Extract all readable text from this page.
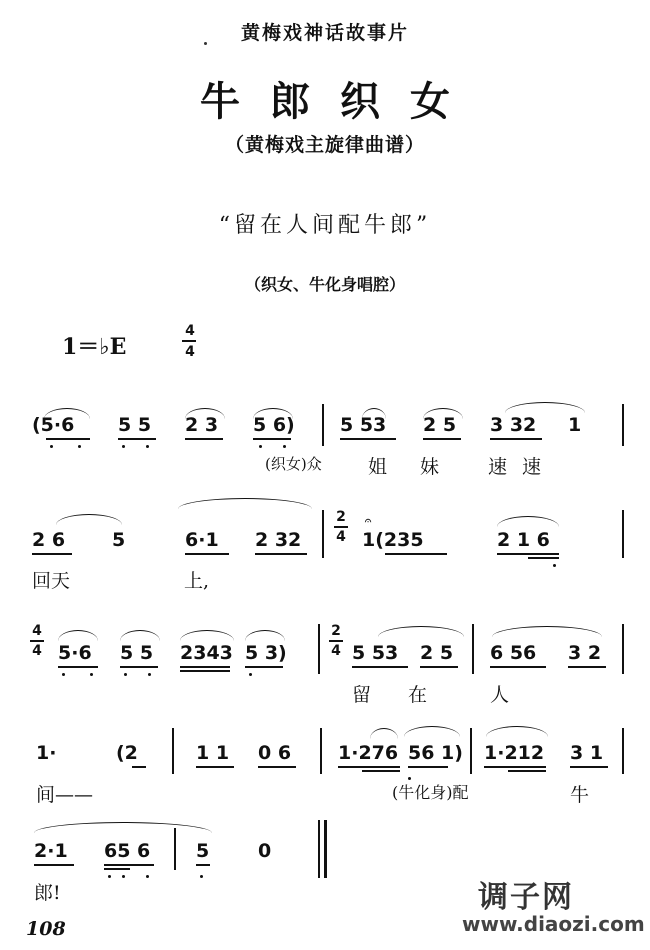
黄梅戏神话故事片
牛郎织女
（黄梅戏主旋律曲谱）
“留在人间配牛郎”
（织女、牛化身唱腔）
1＝♭E
4
4
(5·6 5 5 2 3 5 6) 5 53 2 5 3 32 1
(织女)众 姐 妹	速 速
2 6 5	6·1 2 32
2
4
𝄐
1(235	2 1 6
回天	上,
4
4 5·6 5 5 2343 5 3)
2
4 5 53 2 5 6 56 3 2
留 在	人
1·	(2	1 1 0 6 1·276 56 1) 1·212 3 1
间——	(牛化身)配	牛
2·1 65 6 5	0
郎!
108
调子网
www.diaozi.com
